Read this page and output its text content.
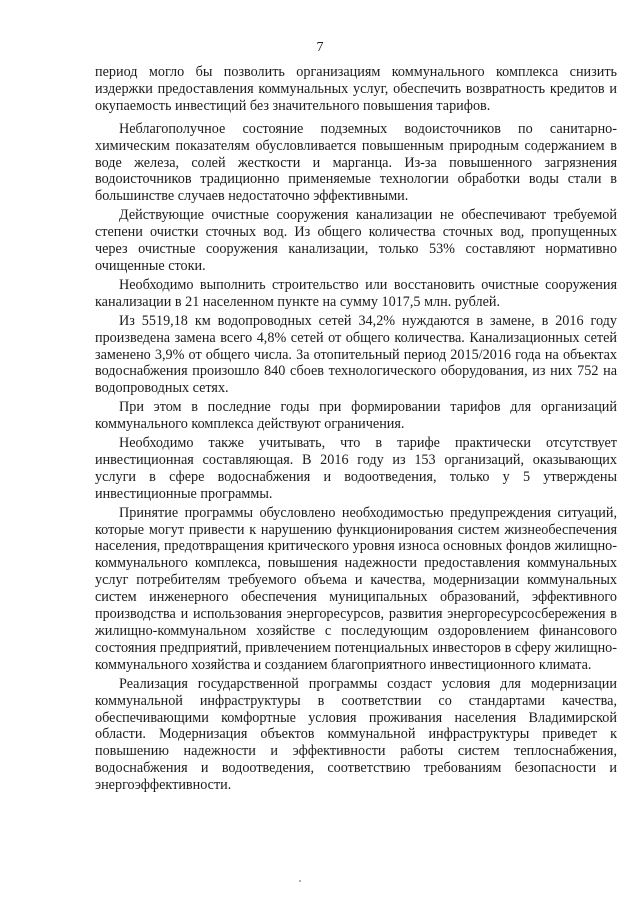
7

период могло бы позволить организациям коммунального комплекса снизить издержки предоставления коммунальных услуг, обеспечить возвратность кредитов и окупаемость инвестиций без значительного повышения тарифов.

Неблагополучное состояние подземных водоисточников по санитарно-химическим показателям обусловливается повышенным природным содержанием в воде железа, солей жесткости и марганца. Из-за повышенного загрязнения водоисточников традиционно применяемые технологии обработки воды стали в большинстве случаев недостаточно эффективными.

Действующие очистные сооружения канализации не обеспечивают требуемой степени очистки сточных вод. Из общего количества сточных вод, пропущенных через очистные сооружения канализации, только 53% составляют нормативно очищенные стоки.

Необходимо выполнить строительство или восстановить очистные сооружения канализации в 21 населенном пункте на сумму 1017,5 млн. рублей.

Из 5519,18 км водопроводных сетей 34,2% нуждаются в замене, в 2016 году произведена замена всего 4,8% сетей от общего количества. Канализационных сетей заменено 3,9% от общего числа. За отопительный период 2015/2016 года на объектах водоснабжения произошло 840 сбоев технологического оборудования, из них 752 на водопроводных сетях.

При этом в последние годы при формировании тарифов для организаций коммунального комплекса действуют ограничения.

Необходимо также учитывать, что в тарифе практически отсутствует инвестиционная составляющая. В 2016 году из 153 организаций, оказывающих услуги в сфере водоснабжения и водоотведения, только у 5 утверждены инвестиционные программы.

Принятие программы обусловлено необходимостью предупреждения ситуаций, которые могут привести к нарушению функционирования систем жизнеобеспечения населения, предотвращения критического уровня износа основных фондов жилищно-коммунального комплекса, повышения надежности предоставления коммунальных услуг потребителям требуемого объема и качества, модернизации коммунальных систем инженерного обеспечения муниципальных образований, эффективного производства и использования энергоресурсов, развития энергоресурсосбережения в жилищно-коммунальном хозяйстве с последующим оздоровлением финансового состояния предприятий, привлечением потенциальных инвесторов в сферу жилищно-коммунального хозяйства и созданием благоприятного инвестиционного климата.

Реализация государственной программы создаст условия для модернизации коммунальной инфраструктуры в соответствии со стандартами качества, обеспечивающими комфортные условия проживания населения Владимирской области. Модернизация объектов коммунальной инфраструктуры приведет к повышению надежности и эффективности работы систем теплоснабжения, водоснабжения и водоотведения, соответствию требованиям безопасности и энергоэффективности.
